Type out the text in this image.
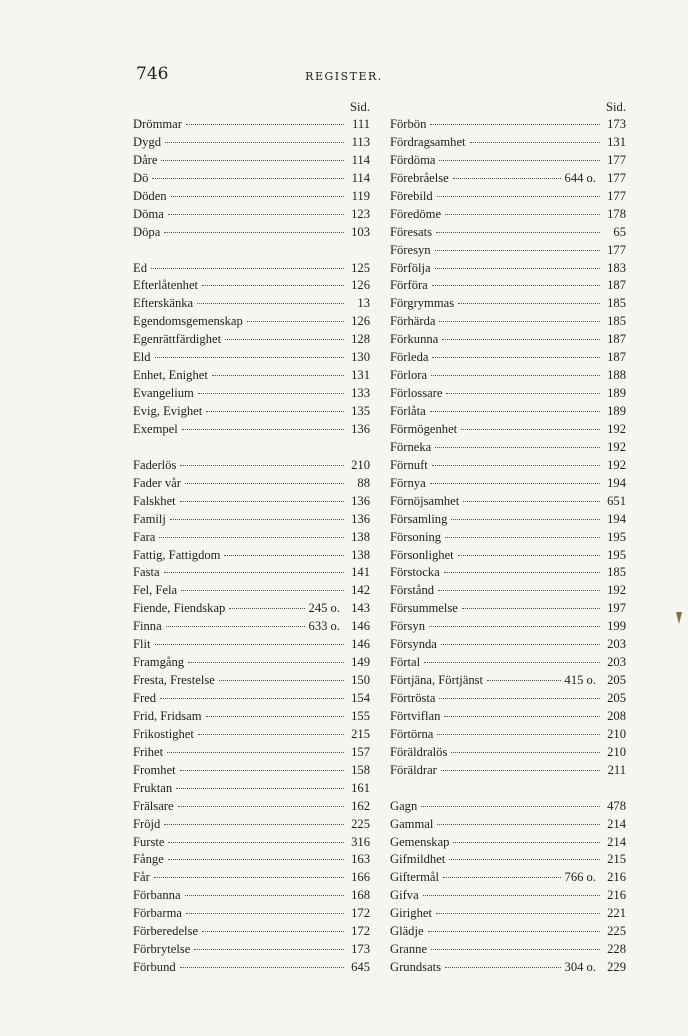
746	REGISTER.
Sid.
Drömmar	111
Dygd	113
Dåre	114
Dö	114
Döden	119
Döma	123
Döpa	103
Ed	125
Efterlåtenhet	126
Efterskänka	13
Egendomsgemenskap	126
Egenrättfärdighet	128
Eld	130
Enhet, Enighet	131
Evangelium	133
Evig, Evighet	135
Exempel	136
Faderlös	210
Fader vår	88
Falskhet	136
Familj	136
Fara	138
Fattig, Fattigdom	138
Fasta	141
Fel, Fela	142
Fiende, Fiendskap	245 o. 143
Finna	633 o. 146
Flit	146
Framgång	149
Fresta, Frestelse	150
Fred	154
Frid, Fridsam	155
Frikostighet	215
Frihet	157
Fromhet	158
Fruktan	161
Frälsare	162
Fröjd	225
Furste	316
Fånge	163
Får	166
Förbanna	168
Förbarma	172
Förberedelse	172
Förbrytelse	173
Förbund	645
Sid.
Förbön	173
Fördragsamhet	131
Fördöma	177
Förebråelse	644 o. 177
Förebild	177
Föredöme	178
Föresats	65
Föresyn	177
Förfölja	183
Förföra	187
Förgrymmas	185
Förhärda	185
Förkunna	187
Förleda	187
Förlora	188
Förlossare	189
Förlåta	189
Förmögenhet	192
Förneka	192
Förnuft	192
Förnya	194
Förnöjsamhet	651
Församling	194
Försoning	195
Försonlighet	195
Förstocka	185
Förstånd	192
Försummelse	197
Försyn	199
Försynda	203
Förtal	203
Förtjäna, Förtjänst	415 o. 205
Förtrösta	205
Förtviflan	208
Förtörna	210
Föräldralös	210
Föräldrar	211
Gagn	478
Gammal	214
Gemenskap	214
Gifmildhet	215
Giftermål	766 o. 216
Gifva	216
Girighet	221
Glädje	225
Granne	228
Grundsats	304 o. 229
